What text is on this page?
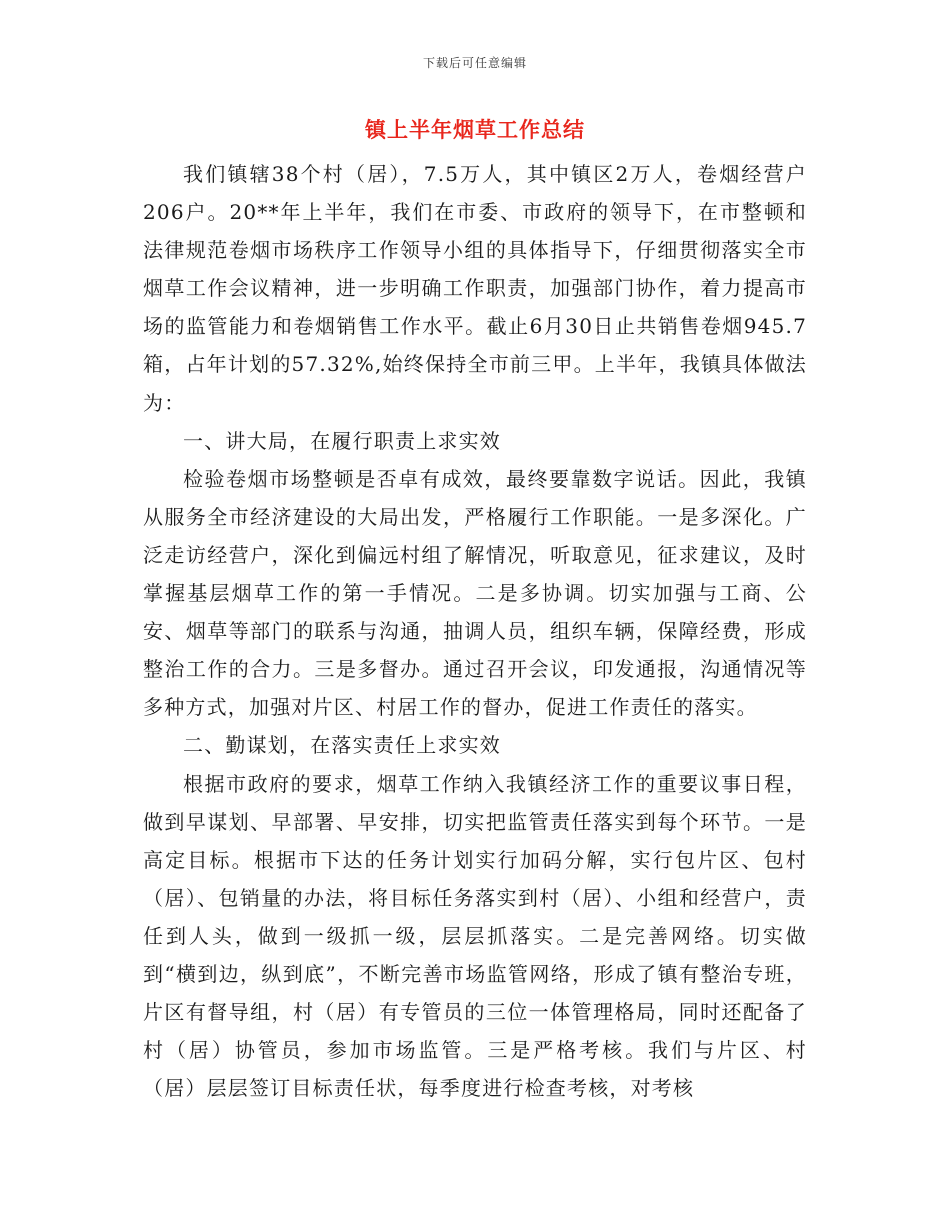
下载后可任意编辑
镇上半年烟草工作总结

我们镇辖38个村（居），7.5万人，其中镇区2万人，卷烟经营户206户。20**年上半年，我们在市委、市政府的领导下，在市整顿和法律规范卷烟市场秩序工作领导小组的具体指导下，仔细贯彻落实全市烟草工作会议精神，进一步明确工作职责，加强部门协作，着力提高市场的监管能力和卷烟销售工作水平。截止6月30日止共销售卷烟945.7箱，占年计划的57.32%,始终保持全市前三甲。上半年，我镇具体做法为：

一、讲大局，在履行职责上求实效

检验卷烟市场整顿是否卓有成效，最终要靠数字说话。因此，我镇从服务全市经济建设的大局出发，严格履行工作职能。一是多深化。广泛走访经营户，深化到偏远村组了解情况，听取意见，征求建议，及时掌握基层烟草工作的第一手情况。二是多协调。切实加强与工商、公安、烟草等部门的联系与沟通，抽调人员，组织车辆，保障经费，形成整治工作的合力。三是多督办。通过召开会议，印发通报，沟通情况等多种方式，加强对片区、村居工作的督办，促进工作责任的落实。

二、勤谋划，在落实责任上求实效

根据市政府的要求，烟草工作纳入我镇经济工作的重要议事日程，做到早谋划、早部署、早安排，切实把监管责任落实到每个环节。一是高定目标。根据市下达的任务计划实行加码分解，实行包片区、包村（居）、包销量的办法，将目标任务落实到村（居）、小组和经营户，责任到人头，做到一级抓一级，层层抓落实。二是完善网络。切实做到“横到边，纵到底”，不断完善市场监管网络，形成了镇有整治专班，片区有督导组，村（居）有专管员的三位一体管理格局，同时还配备了村（居）协管员，参加市场监管。三是严格考核。我们与片区、村（居）层层签订目标责任状，每季度进行检查考核，对考核
